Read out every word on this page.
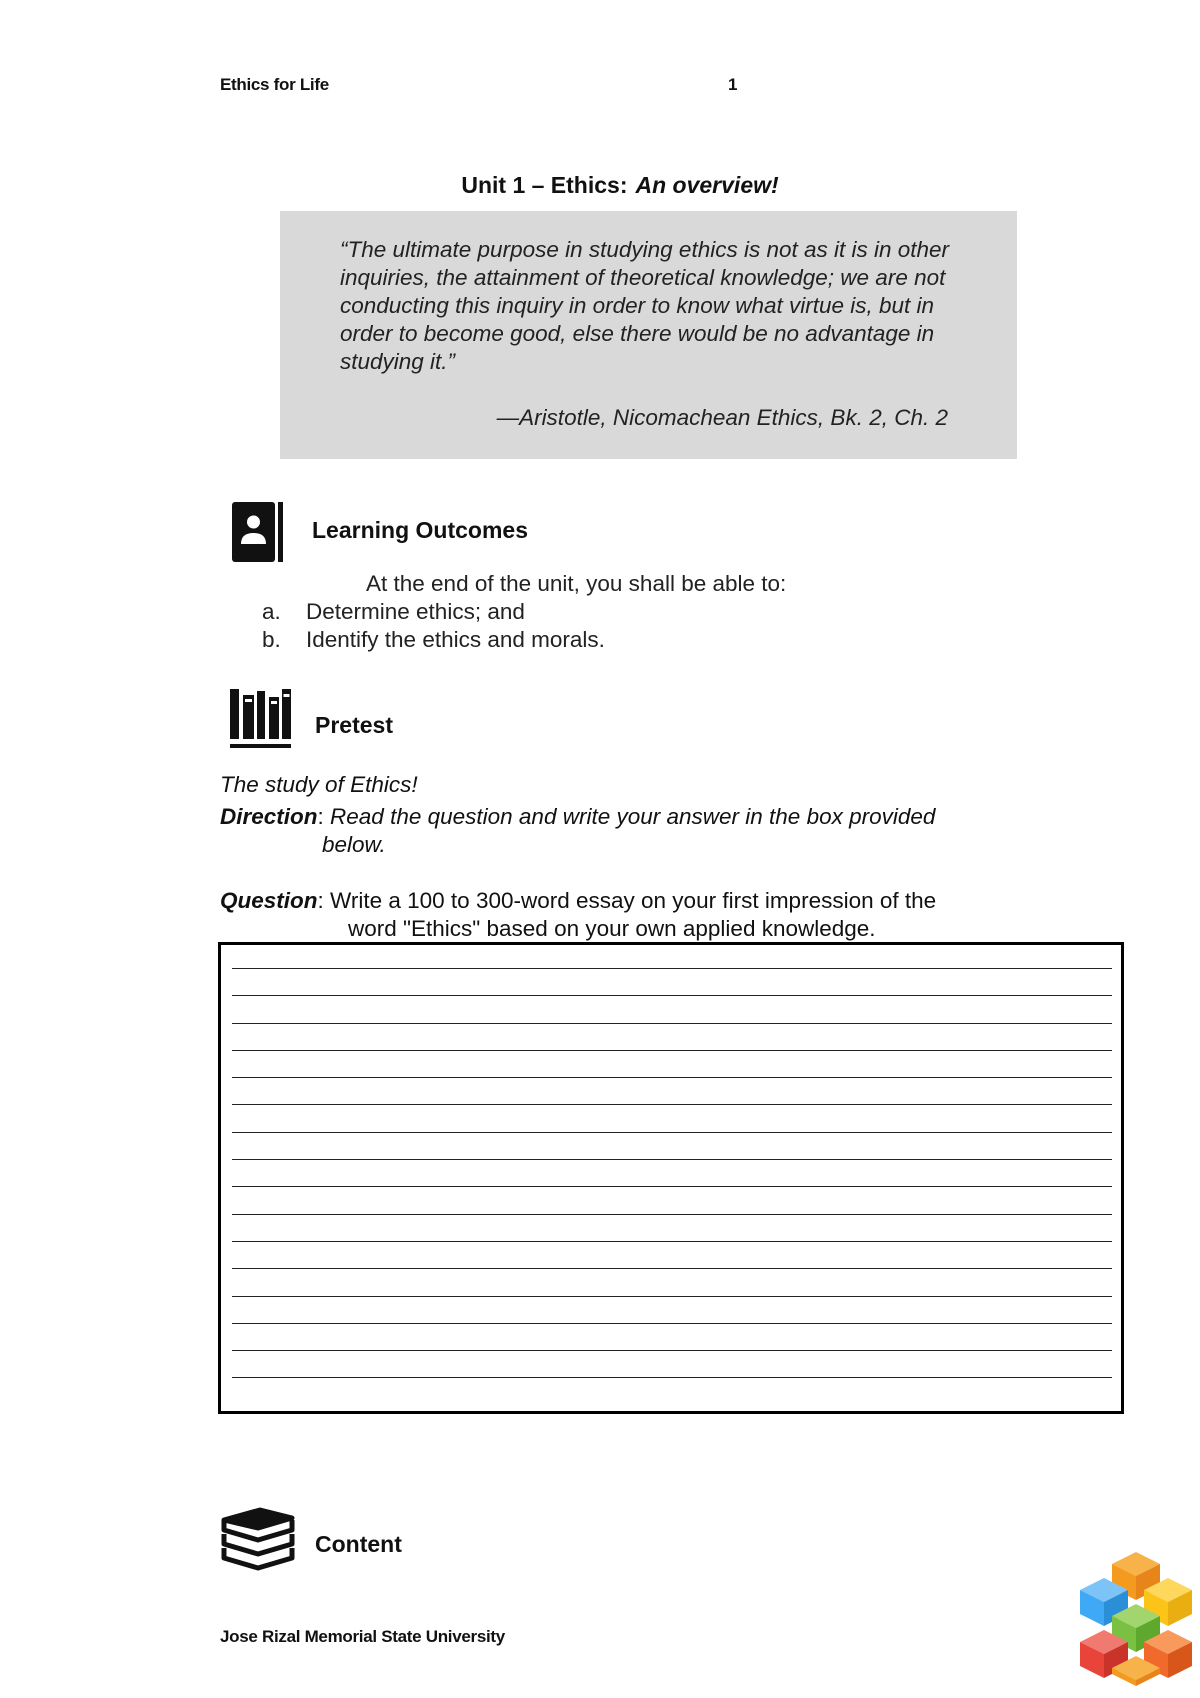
Ethics for Life	1
Unit 1 – Ethics: An overview!
“The ultimate purpose in studying ethics is not as it is in other inquiries, the attainment of theoretical knowledge; we are not conducting this inquiry in order to know what virtue is, but in order to become good, else there would be no advantage in studying it.”
—Aristotle, Nicomachean Ethics, Bk. 2, Ch. 2
Learning Outcomes
At the end of the unit, you shall be able to:
a.	Determine ethics; and
b.	Identify the ethics and morals.
Pretest
The study of Ethics!
Direction: Read the question and write your answer in the box provided
below.
Question: Write a 100 to 300-word essay on your first impression of the
word "Ethics" based on your own applied knowledge.
Content
Jose Rizal Memorial State University
